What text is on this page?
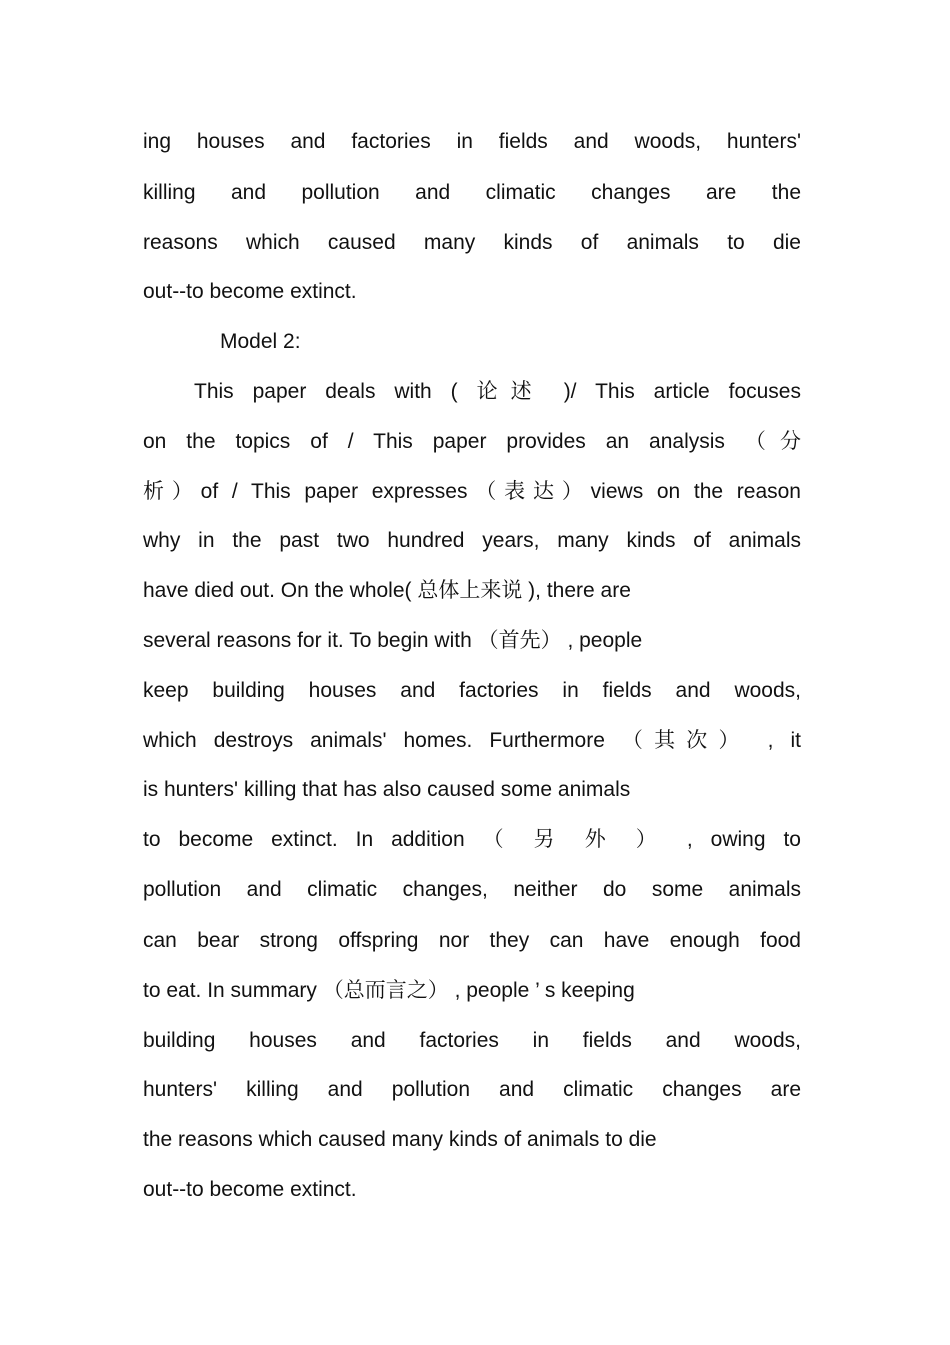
ing houses and factories in fields and woods, hunters'
killing and pollution and climatic changes are the
reasons which caused many kinds of animals to die
out--to become extinct.
Model 2:
This paper deals with ( 论述 )/ This article focuses
on the topics of / This paper provides an analysis （分
析）of / This paper expresses（表达）views on the reason
why in the past two hundred years, many kinds of animals
have died out. On the whole( 总体上来说 ), there are
several reasons for it. To begin with （首先） , people
keep building houses and factories in fields and woods,
which destroys animals' homes. Furthermore （其次） , it
is hunters' killing that has also caused some animals
to become extinct. In addition （ 另 外 ） , owing to
pollution and climatic changes, neither do some animals
can bear strong offspring nor they can have enough food
to eat. In summary （总而言之） , people ’ s keeping
building houses and factories in fields and woods,
hunters' killing and pollution and climatic changes are
the reasons which caused many kinds of animals to die
out--to become extinct.
